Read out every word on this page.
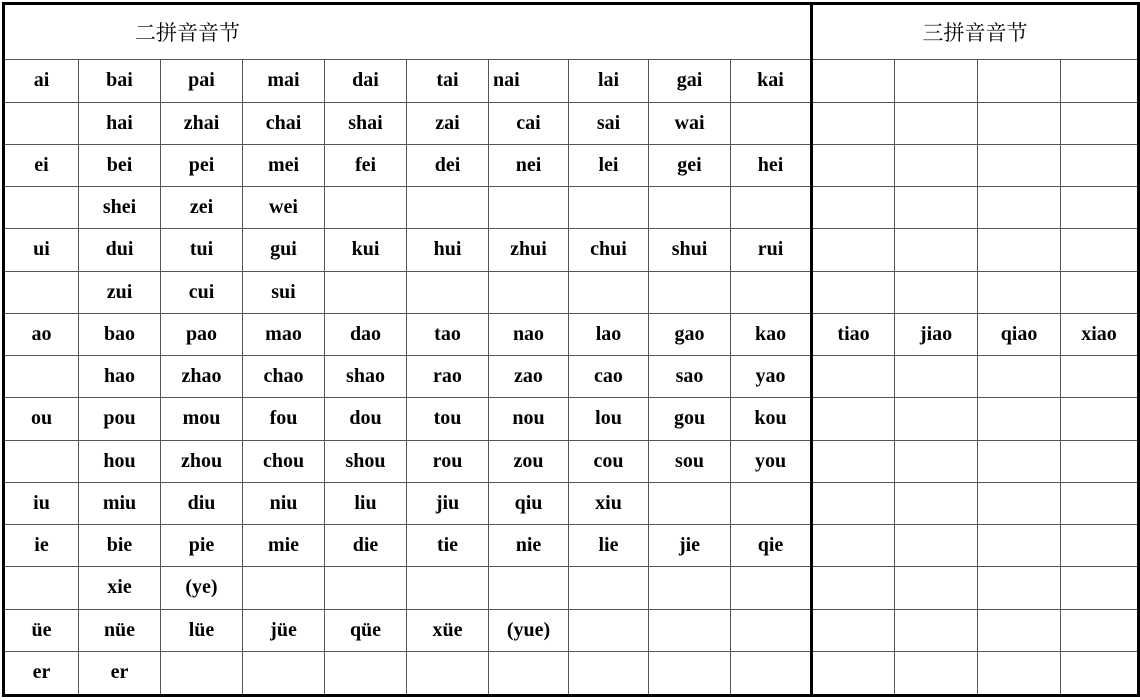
二拼音音节										三拼音音节			
ai	bai	pai	mai	dai	tai	nai	lai	gai	kai				
	hai	zhai	chai	shai	zai	cai	sai	wai					
ei	bei	pei	mei	fei	dei	nei	lei	gei	hei				
	shei	zei	wei										
ui	dui	tui	gui	kui	hui	zhui	chui	shui	rui				
	zui	cui	sui										
ao	bao	pao	mao	dao	tao	nao	lao	gao	kao	tiao	jiao	qiao	xiao
	hao	zhao	chao	shao	rao	zao	cao	sao	yao				
ou	pou	mou	fou	dou	tou	nou	lou	gou	kou				
	hou	zhou	chou	shou	rou	zou	cou	sou	you				
iu	miu	diu	niu	liu	jiu	qiu	xiu						
ie	bie	pie	mie	die	tie	nie	lie	jie	qie				
	xie	(ye)											
üe	nüe	lüe	jüe	qüe	xüe	(yue)							
er	er												
